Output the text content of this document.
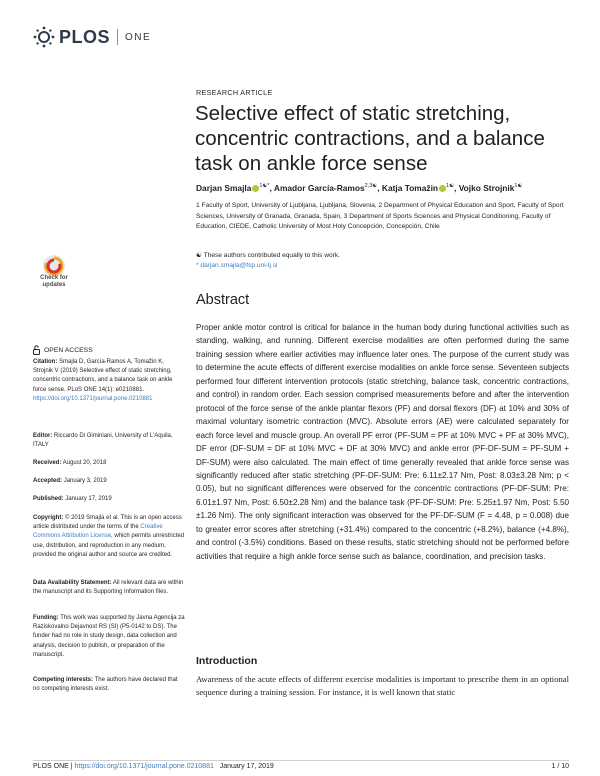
PLOS ONE
RESEARCH ARTICLE
Selective effect of static stretching, concentric contractions, and a balance task on ankle force sense
Darjan Smajla $^{1☯*}$, Amador García-Ramos$^{2,3☯}$, Katja Tomažin $^{1☯}$, Vojko Strojnik$^{1☯}$
1 Faculty of Sport, University of Ljubljana, Ljubljana, Slovenia, 2 Department of Physical Education and Sport, Faculty of Sport Sciences, University of Granada, Granada, Spain, 3 Department of Sports Sciences and Physical Conditioning, Faculty of Education, CIEDE, Catholic University of Most Holy Concepción, Concepción, Chile
☯ These authors contributed equally to this work.
* darjan.smajla@fsp.uni-lj.si
Abstract
Proper ankle motor control is critical for balance in the human body during functional activities such as standing, walking, and running. Different exercise modalities are often performed during the same training session where earlier activities may influence later ones. The purpose of the current study was to determine the acute effects of different exercise modalities on ankle force sense. Seventeen subjects performed four different intervention protocols (static stretching, balance task, concentric contractions, and control) in random order. Each session comprised measurements before and after the intervention protocol of the force sense of the ankle plantar flexors (PF) and dorsal flexors (DF) at 10% and 30% of maximal voluntary isometric contraction (MVC). Absolute errors (AE) were calculated separately for each force level and muscle group. An overall PF error (PF-SUM = PF at 10% MVC + PF at 30% MVC), DF error (DF-SUM = DF at 10% MVC + DF at 30% MVC) and ankle error (PF-DF-SUM = PF-SUM + DF-SUM) were also calculated. The main effect of time generally revealed that ankle force sense was significantly reduced after static stretching (PF-DF-SUM: Pre: 6.11±2.17 Nm, Post: 8.03±3.28 Nm; p < 0.05), but no significant differences were observed for the concentric contractions (PF-DF-SUM: Pre: 6.01±1.97 Nm, Post: 6.50±2.28 Nm) and the balance task (PF-DF-SUM: Pre: 5.25±1.97 Nm, Post: 5.50 ±1.26 Nm). The only significant interaction was observed for the PF-DF-SUM (F = 4.48, p = 0.008) due to greater error scores after stretching (+31.4%) compared to the concentric (+8.2%), balance (+4.8%), and control (-3.5%) conditions. Based on these results, static stretching should not be performed before activities that require a high ankle force sense such as balance, coordination, and precision tasks.
Introduction
Awareness of the acute effects of different exercise modalities is important to prescribe them in an optional sequence during a training session. For instance, it is well known that static
Check for
updates
OPEN ACCESS
Citation: Smajla D, García-Ramos A, Tomažin K, Strojnik V (2019) Selective effect of static stretching, concentric contractions, and a balance task on ankle force sense. PLoS ONE 14(1): e0210881. https://doi.org/10.1371/journal.pone.0210881
Editor: Riccardo Di Giminiani, University of L'Aquila, ITALY
Received: August 20, 2018
Accepted: January 3, 2019
Published: January 17, 2019
Copyright: © 2019 Smajla et al. This is an open access article distributed under the terms of the Creative Commons Attribution License, which permits unrestricted use, distribution, and reproduction in any medium, provided the original author and source are credited.
Data Availability Statement: All relevant data are within the manuscript and its Supporting Information files.
Funding: This work was supported by Javna Agencija za Raziskovalno Dejavnost RS (SI) (P5-0142 to DS). The funder had no role in study design, data collection and analysis, decision to publish, or preparation of the manuscript.
Competing interests: The authors have declared that no competing interests exist.
PLOS ONE | https://doi.org/10.1371/journal.pone.0210881 January 17, 2019	1 / 10
